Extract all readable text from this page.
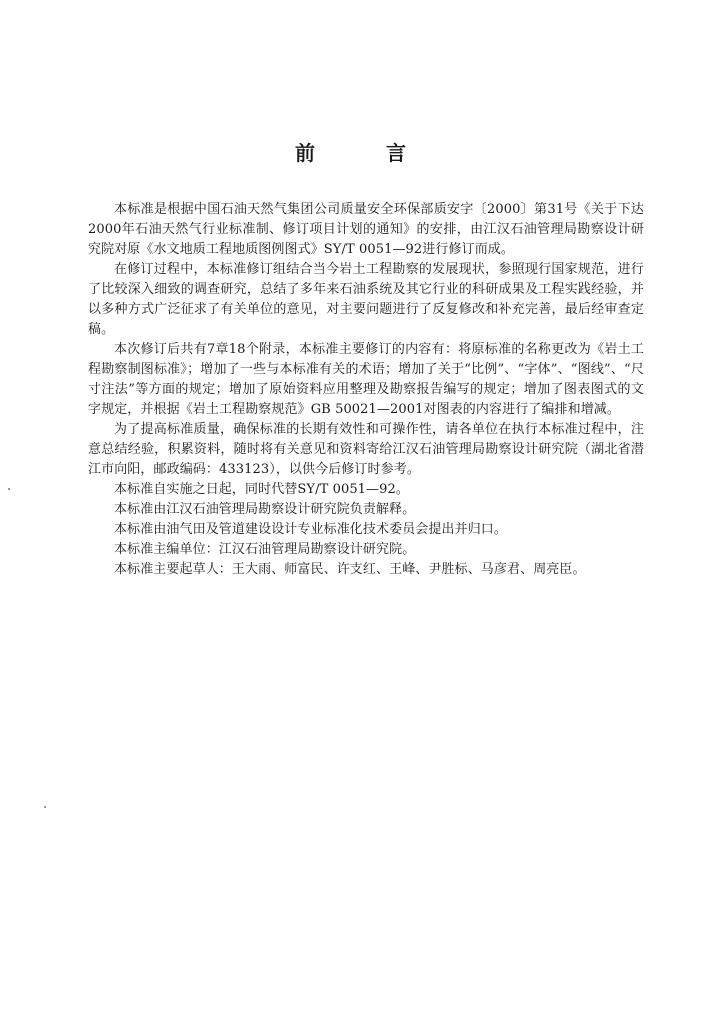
前 言

本标准是根据中国石油天然气集团公司质量安全环保部质安字〔2000〕第31号《关于下达2000年石油天然气行业标准制、修订项目计划的通知》的安排，由江汉石油管理局勘察设计研究院对原《水文地质工程地质图例图式》SY/T 0051—92进行修订而成。

在修订过程中，本标准修订组结合当今岩土工程勘察的发展现状，参照现行国家规范，进行了比较深入细致的调查研究，总结了多年来石油系统及其它行业的科研成果及工程实践经验，并以多种方式广泛征求了有关单位的意见，对主要问题进行了反复修改和补充完善，最后经审查定稿。

本次修订后共有7章18个附录，本标准主要修订的内容有：将原标准的名称更改为《岩土工程勘察制图标准》；增加了一些与本标准有关的术语；增加了关于“比例”、“字体”、“图线”、“尺寸注法”等方面的规定；增加了原始资料应用整理及勘察报告编写的规定；增加了图表图式的文字规定，并根据《岩土工程勘察规范》GB 50021—2001对图表的内容进行了编排和增减。

为了提高标准质量，确保标准的长期有效性和可操作性，请各单位在执行本标准过程中，注意总结经验，积累资料，随时将有关意见和资料寄给江汉石油管理局勘察设计研究院（湖北省潜江市向阳，邮政编码：433123），以供今后修订时参考。

本标准自实施之日起，同时代替SY/T 0051—92。

本标准由江汉石油管理局勘察设计研究院负责解释。

本标准由油气田及管道建设设计专业标准化技术委员会提出并归口。

本标准主编单位：江汉石油管理局勘察设计研究院。

本标准主要起草人：王大雨、师富民、许支红、王峰、尹胜标、马彦君、周亮臣。
